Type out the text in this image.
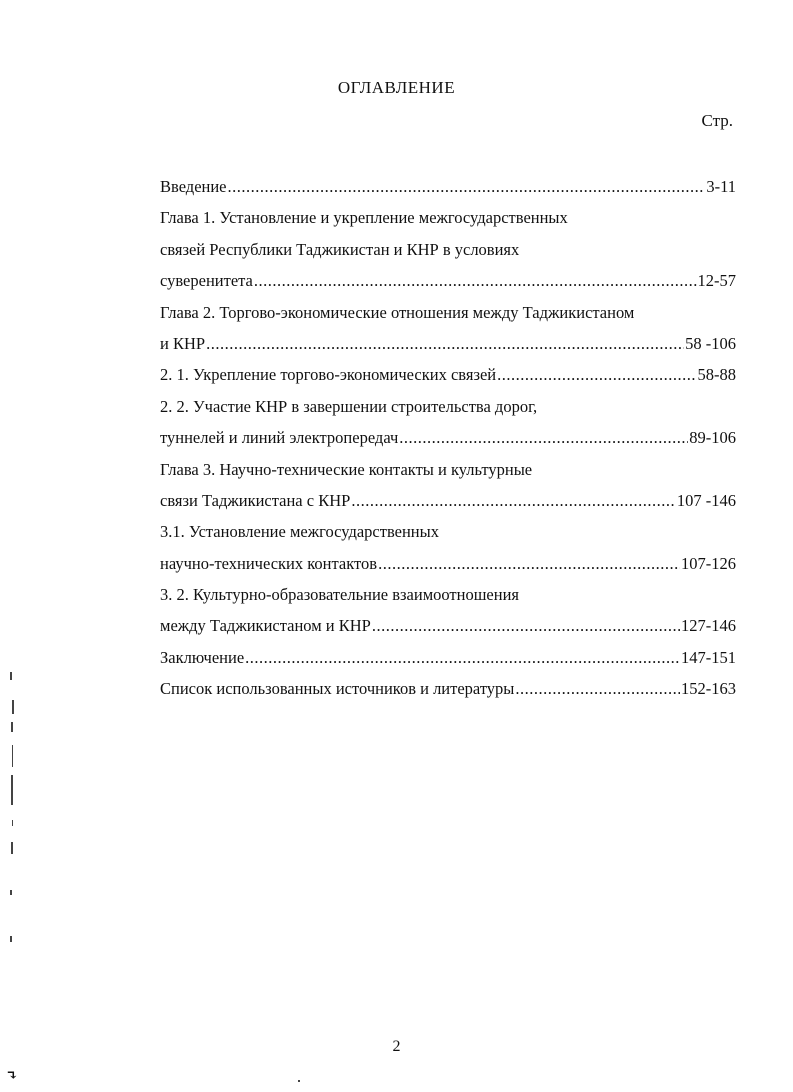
ОГЛАВЛЕНИЕ
Стр.
Введение .....	3-11
Глава 1. Установление и укрепление межгосударственных
связей Республики Таджикистан и КНР в условиях
суверенитета .....	12-57
Глава 2. Торгово-экономические отношения между Таджикистаном
и КНР .....	58 -106
2. 1. Укрепление торгово-экономических связей .....	58-88
2. 2. Участие КНР в завершении строительства дорог,
туннелей и линий электропередач .....	89-106
Глава 3. Научно-технические контакты и культурные
связи Таджикистана с КНР .....	107 -146
3.1. Установление межгосударственных
научно-технических контактов .....	107-126
3. 2. Культурно-образовательние взаимоотношения
между Таджикистаном и КНР .....	127-146
Заключение .....	147-151
Список использованных источников и литературы .....	152-163
2
↴
